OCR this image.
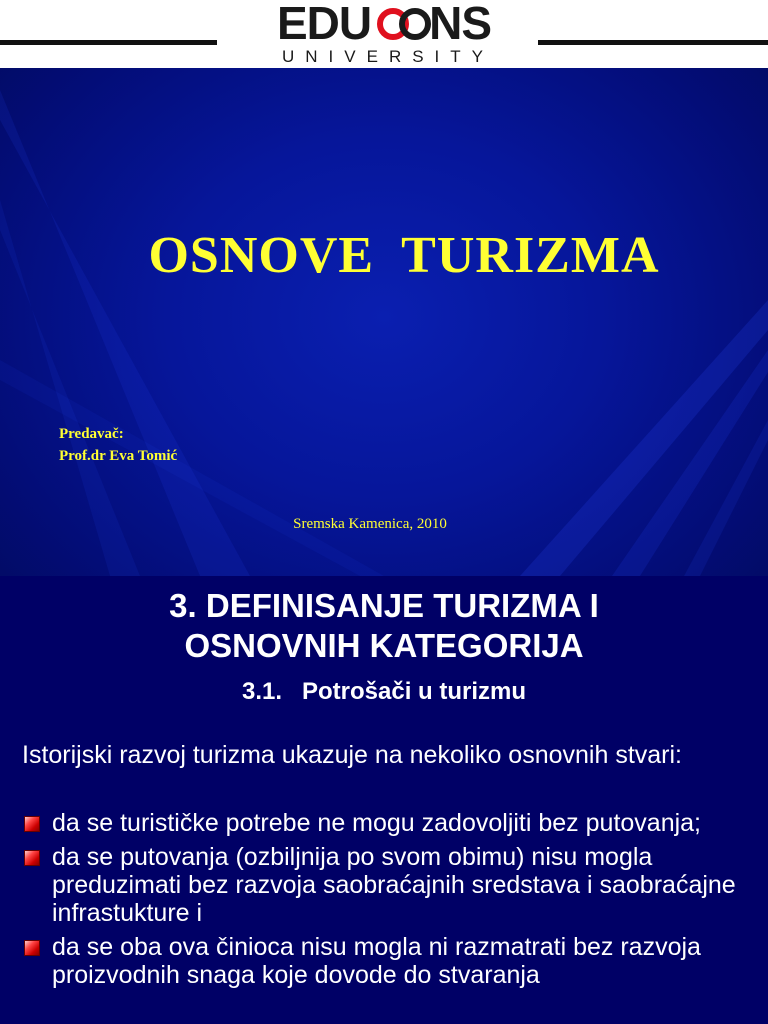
EDU NS
UNIVERSITY
OSNOVE  TURIZMA
Predavač:
Prof.dr Eva Tomić
Sremska Kamenica, 2010
3. DEFINISANJE TURIZMA I
OSNOVNIH KATEGORIJA
3.1.   Potrošači u turizmu
Istorijski razvoj turizma ukazuje na nekoliko osnovnih stvari:
da se turističke potrebe ne mogu zadovoljiti bez putovanja;
da se putovanja (ozbiljnija po svom obimu) nisu mogla preduzimati bez razvoja saobraćajnih sredstava i saobraćajne infrastukture i
da se oba ova činioca nisu mogla ni razmatrati bez razvoja proizvodnih snaga koje dovode do stvaranja
